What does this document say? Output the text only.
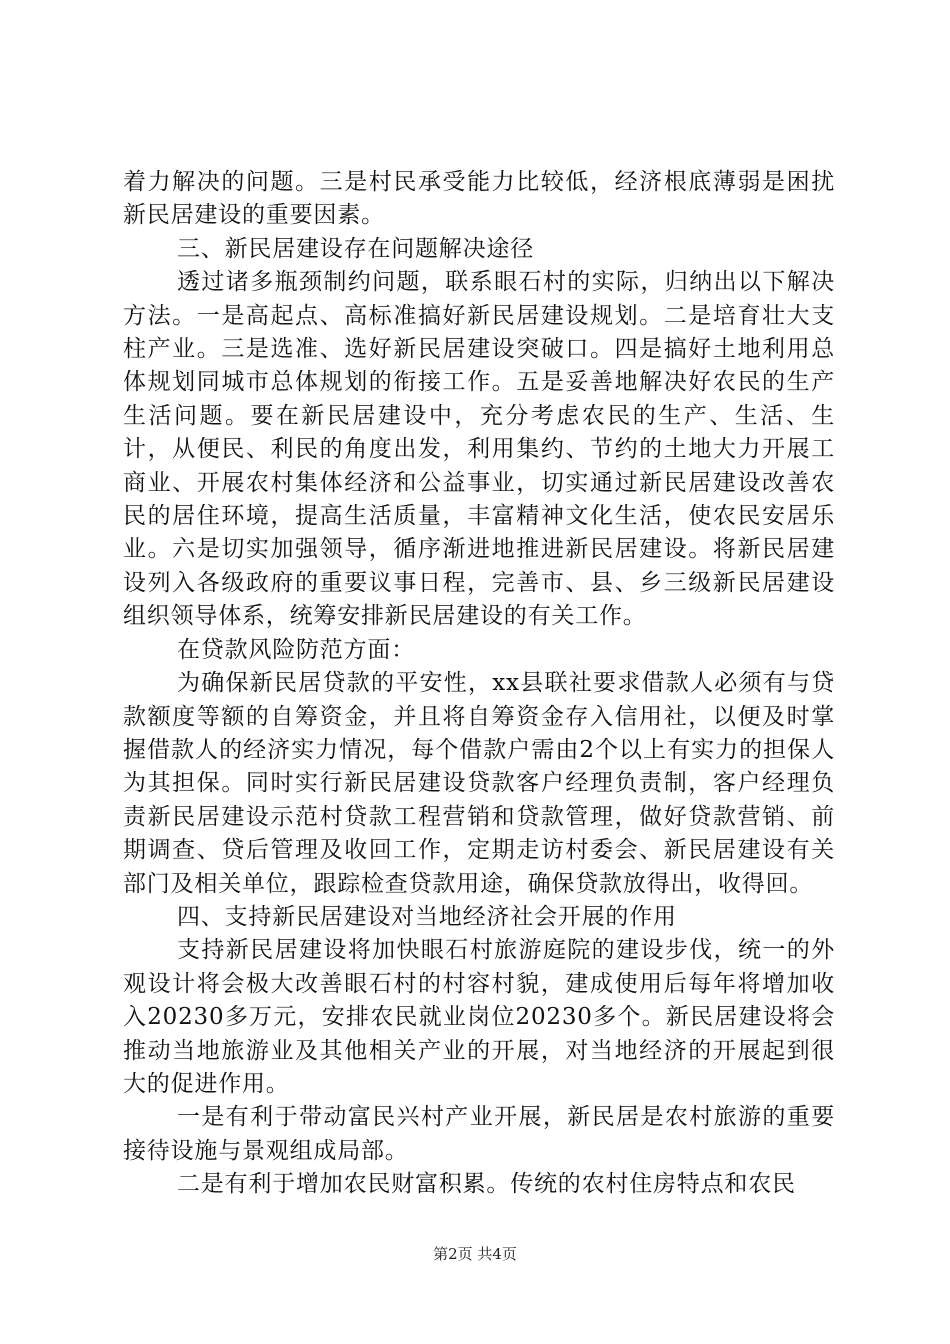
着力解决的问题。三是村民承受能力比较低，经济根底薄弱是困扰新民居建设的重要因素。

三、新民居建设存在问题解决途径

透过诸多瓶颈制约问题，联系眼石村的实际，归纳出以下解决方法。一是高起点、高标准搞好新民居建设规划。二是培育壮大支柱产业。三是选准、选好新民居建设突破口。四是搞好土地利用总体规划同城市总体规划的衔接工作。五是妥善地解决好农民的生产生活问题。要在新民居建设中，充分考虑农民的生产、生活、生计，从便民、利民的角度出发，利用集约、节约的土地大力开展工商业、开展农村集体经济和公益事业，切实通过新民居建设改善农民的居住环境，提高生活质量，丰富精神文化生活，使农民安居乐业。六是切实加强领导，循序渐进地推进新民居建设。将新民居建设列入各级政府的重要议事日程，完善市、县、乡三级新民居建设组织领导体系，统筹安排新民居建设的有关工作。

在贷款风险防范方面：

为确保新民居贷款的平安性，xx县联社要求借款人必须有与贷款额度等额的自筹资金，并且将自筹资金存入信用社，以便及时掌握借款人的经济实力情况，每个借款户需由2个以上有实力的担保人为其担保。同时实行新民居建设贷款客户经理负责制，客户经理负责新民居建设示范村贷款工程营销和贷款管理，做好贷款营销、前期调查、贷后管理及收回工作，定期走访村委会、新民居建设有关部门及相关单位，跟踪检查贷款用途，确保贷款放得出，收得回。

四、支持新民居建设对当地经济社会开展的作用

支持新民居建设将加快眼石村旅游庭院的建设步伐，统一的外观设计将会极大改善眼石村的村容村貌，建成使用后每年将增加收入20230多万元，安排农民就业岗位20230多个。新民居建设将会推动当地旅游业及其他相关产业的开展，对当地经济的开展起到很大的促进作用。

一是有利于带动富民兴村产业开展，新民居是农村旅游的重要接待设施与景观组成局部。

二是有利于增加农民财富积累。传统的农村住房特点和农民

第2页 共4页
